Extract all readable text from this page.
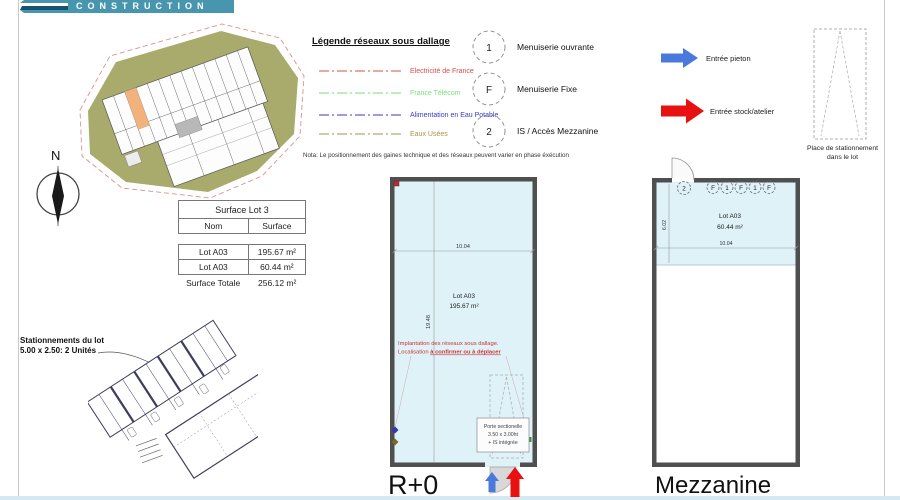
CONSTRUCTION
N
Légende réseaux sous dallage
Electricité de France
France Télécom
Alimentation en Eau Potable
Eaux Usées
Nota: Le positionnement des gaines technique et des réseaux peuvent varier en phase éxécution
1
F
2
Menuiserie ouvrante
Menuiserie Fixe
IS / Accès Mezzanine
Entrée pieton
Entrée stock/atelier
Place de stationnement
dans le lot
Surface Lot 3
Nom	Surface
Lot A03	195.67 m²
Lot A03	60.44 m²
Surface Totale	256.12 m²
Stationnements du lot
5.00 x 2.50: 2 Unités
19.48
10.04
Lot A03
195.67 m²
Implantation des réseaux sous dallage.
Localisation à confirmer ou à déplacer
Porte sectionelle
3.50 x 3.00ht
+ IS intégrée
R+0
2	F 1 F 1 F
Lot A03
60.44 m²
6.02
10.04
Mezzanine
